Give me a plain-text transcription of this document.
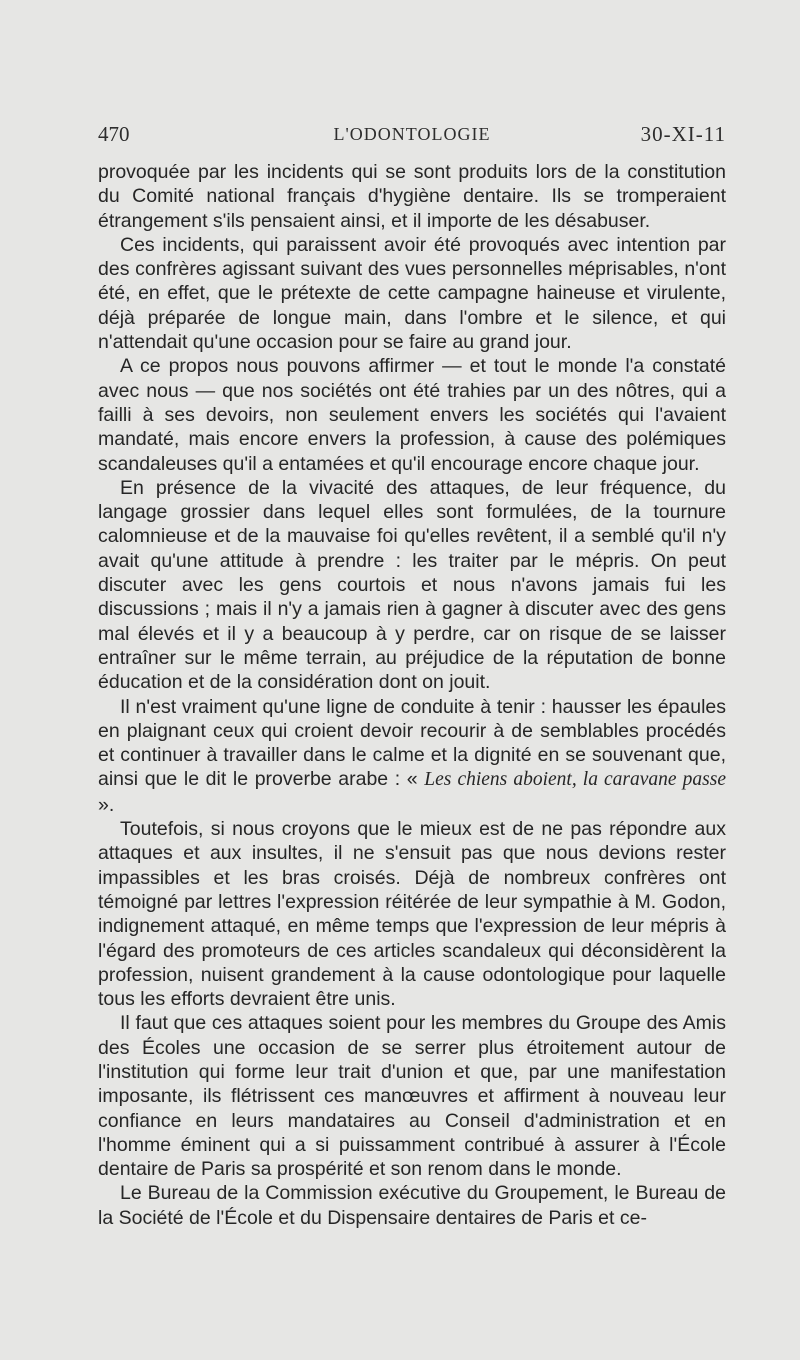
470	L'ODONTOLOGIE	30-XI-11

provoquée par les incidents qui se sont produits lors de la constitution du Comité national français d'hygiène dentaire. Ils se tromperaient étrangement s'ils pensaient ainsi, et il importe de les désabuser.

Ces incidents, qui paraissent avoir été provoqués avec intention par des confrères agissant suivant des vues personnelles méprisables, n'ont été, en effet, que le prétexte de cette campagne haineuse et virulente, déjà préparée de longue main, dans l'ombre et le silence, et qui n'attendait qu'une occasion pour se faire au grand jour.

A ce propos nous pouvons affirmer — et tout le monde l'a constaté avec nous — que nos sociétés ont été trahies par un des nôtres, qui a failli à ses devoirs, non seulement envers les sociétés qui l'avaient mandaté, mais encore envers la profession, à cause des polémiques scandaleuses qu'il a entamées et qu'il encourage encore chaque jour.

En présence de la vivacité des attaques, de leur fréquence, du langage grossier dans lequel elles sont formulées, de la tournure calomnieuse et de la mauvaise foi qu'elles revêtent, il a semblé qu'il n'y avait qu'une attitude à prendre : les traiter par le mépris. On peut discuter avec les gens courtois et nous n'avons jamais fui les discussions ; mais il n'y a jamais rien à gagner à discuter avec des gens mal élevés et il y a beaucoup à y perdre, car on risque de se laisser entraîner sur le même terrain, au préjudice de la réputation de bonne éducation et de la considération dont on jouit.

Il n'est vraiment qu'une ligne de conduite à tenir : hausser les épaules en plaignant ceux qui croient devoir recourir à de semblables procédés et continuer à travailler dans le calme et la dignité en se souvenant que, ainsi que le dit le proverbe arabe : « Les chiens aboient, la caravane passe ».

Toutefois, si nous croyons que le mieux est de ne pas répondre aux attaques et aux insultes, il ne s'ensuit pas que nous devions rester impassibles et les bras croisés. Déjà de nombreux confrères ont témoigné par lettres l'expression réitérée de leur sympathie à M. Godon, indignement attaqué, en même temps que l'expression de leur mépris à l'égard des promoteurs de ces articles scandaleux qui déconsidèrent la profession, nuisent grandement à la cause odontologique pour laquelle tous les efforts devraient être unis.

Il faut que ces attaques soient pour les membres du Groupe des Amis des Écoles une occasion de se serrer plus étroitement autour de l'institution qui forme leur trait d'union et que, par une manifestation imposante, ils flétrissent ces manœuvres et affirment à nouveau leur confiance en leurs mandataires au Conseil d'administration et en l'homme éminent qui a si puissamment contribué à assurer à l'École dentaire de Paris sa prospérité et son renom dans le monde.

Le Bureau de la Commission exécutive du Groupement, le Bureau de la Société de l'École et du Dispensaire dentaires de Paris et ce-
